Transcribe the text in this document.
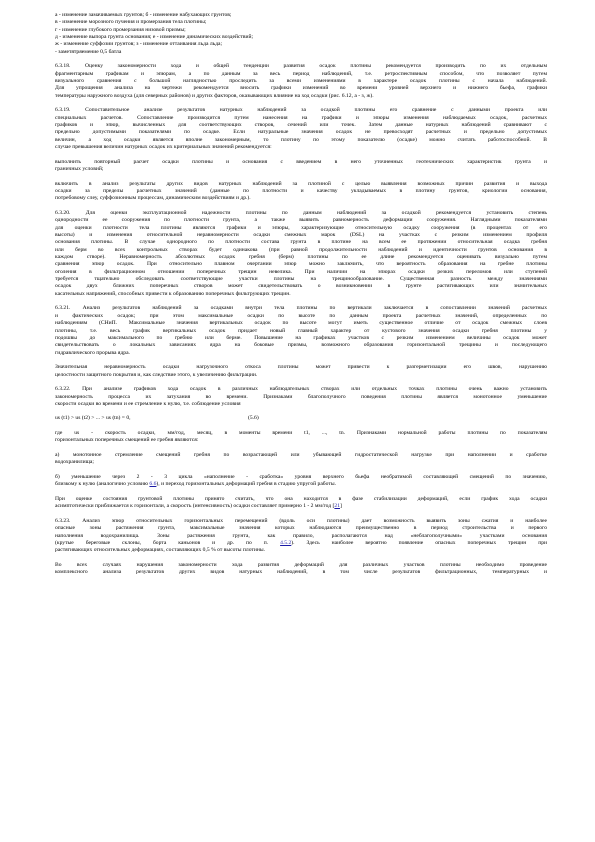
а - изменение замачиваемых грунтов; б - изменение набухающих грунтов;
в - изменение морозного пучения и промерзания тела плотины;
г - изменение глубокого промерзания низовой призмы;
д - изменение выпора грунта основания; е - изменение динамических воздействий;
ж - изменение суффозии грунтов; з - изменение оттаивания льда льда;
- заметятряемение 0,5 батла
6.3.18. Оценку закономерности хода и общей тенденции развития осадок плотины рекомендуется производить по их отдельным
фрагментарным графикам и эпюрам, а по данным за весь период наблюдений, т.е. ретроспективным способом, что позволяет путем
визуального сравнения с большой наглядностью проследить за всеми изменениями в характере осадок плотины с начала наблюдений.
Для упрощения анализа на чертежи рекомендуется вносить графики изменений во времени уровней верхнего и нижнего бьефа, графики
температуры наружного воздуха (для северных районов) и других факторов, оказывающих влияние на ход осадки (рис. 6.12, а - з, ж).
6.3.19. Сопоставительное анализе результатов натурных наблюдений за осадкой плотины его сравнение с данными проекта или
специальных расчетов. Сопоставление производится путем нанесения на графики и эпюры изменения наблюдаемых осадок, расчетных
графиков и эпюр, вычисленных для соответствующих створов, сечений или точек. Затем данные натурных наблюдений сравнивают с
предельно допустимыми показателями по осадке. Если натуральные значения осадок не превосходят расчетных и предельно допустимых
величин, а ход осадки является вполне закономерным, то плотину по этому показателю (осадке) можно считать работоспособной. В
случае превышения величин натурных осадок их критериальных значений рекомендуется:
выполнить повторный расчет осадки плотины и основания с введением в него уточненных геотехнических характеристик грунта и
граничных условий;
включить в анализ результаты других видов натурных наблюдений за плотиной с целью выявления возможных причин развития и выхода
осадки за пределы расчетных значений (данные по плотности и качеству укладываемых в плотину грунтов, криологии основания,
потребовому слеу, суффозионным процессам, динамическим воздействиям и др.).
6.3.20. Для оценки эксплуатационной надежности плотины по данным наблюдений за осадкой рекомендуется установить степень
однородности ее сооружения по плотности грунта, а также выявить равномерность деформации сооружения. Наглядными показателями
для оценки плотности тела плотины являются графики и эпюры, характеризующие относительную осадку сооружения (в процентах от его
высоты) и изменения относительной неравномерности осадки смежных марок (DSL) на участках с резким изменением профиля
основания плотины. В случае однородного по плотности состава грунта в плотине на всем ее протяжении относительная осадка гребня
или берм во всех контрольных створах будет одинакова (при равной продолжительности наблюдений и идентичности грунтов основания в
каждом створе). Неравномерность абсолютных осадок гребня (берм) плотины по ее длине рекомендуется оценивать визуально путем
сравнения эпюр осадок. При относительно плавном очертании эпюр можно заключить, что вероятность образования на гребне плотины
оголения в фильтрационном отношении поперечных трещин невелика. При наличии на эпюрах осадки резких переломов или ступеней
требуется тщательно обследовать соответствующие участки плотины на трещинообразование. Существенная разность между значениями
осадок двух ближних поперечных створов может свидетельствовать о возникновении в грунте растягивающих или значительных
касательных напряжений, способных привести к образованию поперечных фильтрующих трещин.
6.3.21. Анализ результатов наблюдений за осадками внутри тела плотины по вертикали заключается в сопоставлении значений расчетных
и фактических осадок; при этом максимальные осадки по высоте по данным проекта расчетных значений, определенных по
наблюдениям (СНиП. Максимальные значения вертикальных осадок по высоте могут иметь существенное отличие от осадок смежных слоев
плотины, т.е. весь график вертикальных осадок придает новый главный характер от кустового значения осадки гребня плотины у
подошвы до максимального по гребню или берме. Повышение на графиках участков с резким изменением величины осадок может
свидетельствовать о локальных зависаниях ядра на боковые призмы, возможного образования горизонтальной трещины и последующего
гидравлического прорыва ядра.
Значительная неравномерность осадки нагрузочного откоса плотины может привести к разгерметизации его швов, нарушению
целостности защитного покрытия и, как следствие этого, к увеличению фильтрации.
6.3.22. При анализе графиков хода осадок в различных наблюдательных створах или отдельных точках плотины очень важно установить
закономерность процесса их затухания во времени. Признаками благополучного поведения плотины является монотонное уменьшение
скорости осадки во времени и ее стремление к нулю, т.е. соблюдение условия
us (t1) > us (t2) > ... > us (tn) = 0,	(5.6)
где us - скорость осадки, мм/год, месяц, в моменты времени t1, ..., tn. Признаками нормальной работы плотины по показателям
горизонтальных поперечных смещений ее гребня являются:
а) монотонное стремление смещений гребня по возрастающей или убывающей гидростатической нагрузке при наполнении и сработке
водохранилища;
б) уменьшение через 2 - 3 цикла «наполнение - сработка» уровня верхнего бьефа необратимой составляющей смещений по значению,
близкому к нулю (аналогично условию 6.6), и переход горизонтальных деформаций гребня в стадию упругой работы.
При оценке состояния грунтовой плотины принято считать, что она находится в фазе стабилизации деформаций, если график хода осадки
асимптотически приближается к горизонтали, а скорость (интенсивность) осадки составляет примерно 1 - 2 мм/год [21]
6.3.23. Анализ эпюр относительных горизонтальных перемещений (вдоль оси плотины) дает возможность выявить зоны сжатия и наиболее
опасные зоны растяжения грунта, максимальные значения которых наблюдаются преимущественно в период строительства и первого
наполнения водохранилища. Зоны растяжения грунта, как правило, располагаются над «неблагополучными» участками основания
(крутые береговые склоны, борта каньонов и др. по п. 4.5.2). Здесь наиболее вероятно появление опасных поперечных трещин при
растягивающих относительных деформациях, составляющих 0,5 % от высоты плотины.
Во всех случаях нарушения закономерности хода развития деформаций для различных участков плотины необходимо проведение
комплексного анализа результатов других видов натурных наблюдений, в том числе результатов фильтрационных, температурных и
